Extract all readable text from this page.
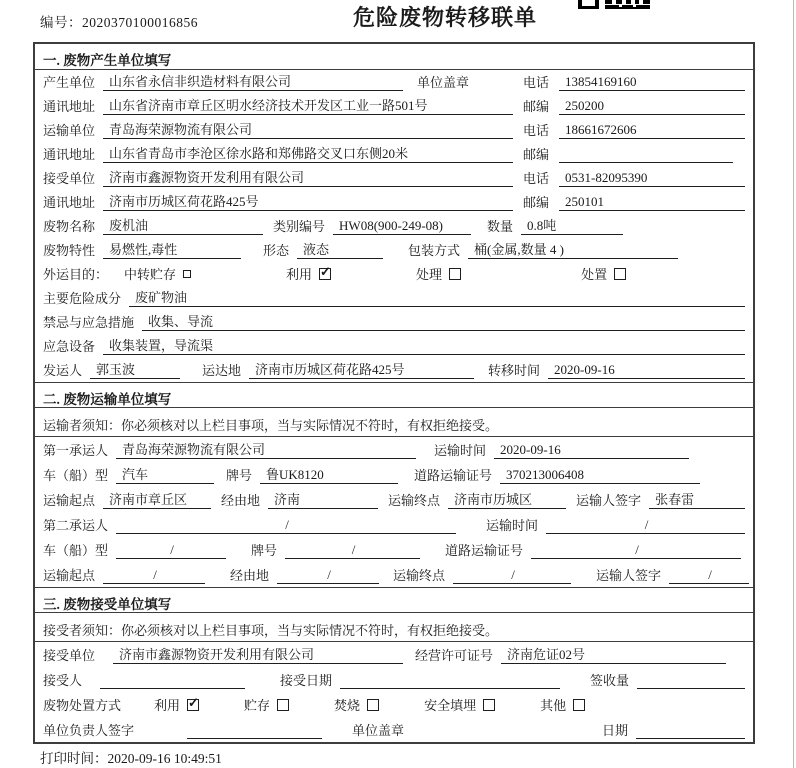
编号：2020370100016856	危险废物转移联单
一. 废物产生单位填写
产生单位	山东省永信非织造材料有限公司	单位盖章	电话	13854169160
通讯地址	山东省济南市章丘区明水经济技术开发区工业一路501号	邮编	250200
运输单位	青岛海荣源物流有限公司	电话	18661672606
通讯地址	山东省青岛市李沧区徐水路和郑佛路交叉口东侧20米	邮编
接受单位	济南市鑫源物资开发利用有限公司	电话	0531-82095390
通讯地址	济南市历城区荷花路425号	邮编	250101
废物名称	废机油	类别编号	HW08(900-249-08)	数量	0.8吨
废物特性	易燃性,毒性	形态	液态	包装方式	桶(金属,数量 4 )
外运目的： 中转贮存	利用 ✓	处理	处置
主要危险成分	废矿物油
禁忌与应急措施	收集、导流
应急设备	收集装置，导流渠
发运人	郭玉波	运达地	济南市历城区荷花路425号	转移时间	2020-09-16
二. 废物运输单位填写
运输者须知：你必须核对以上栏目事项，当与实际情况不符时，有权拒绝接受。
第一承运人	青岛海荣源物流有限公司	运输时间	2020-09-16
车（船）型	汽车	牌号	鲁UK8120	道路运输证号	370213006408
运输起点	济南市章丘区	经由地	济南	运输终点	济南市历城区	运输人签字	张春雷
第二承运人	/	运输时间	/
车（船）型	/	牌号	/	道路运输证号	/
运输起点	/	经由地	/	运输终点	/	运输人签字	/
三. 废物接受单位填写
接受者须知：你必须核对以上栏目事项，当与实际情况不符时，有权拒绝接受。
接受单位	济南市鑫源物资开发利用有限公司	经营许可证号	济南危证02号
接受人	接受日期	签收量
废物处置方式	利用 ✓	贮存	焚烧	安全填埋	其他
单位负责人签字	单位盖章	日期
打印时间：2020-09-16 10:49:51
